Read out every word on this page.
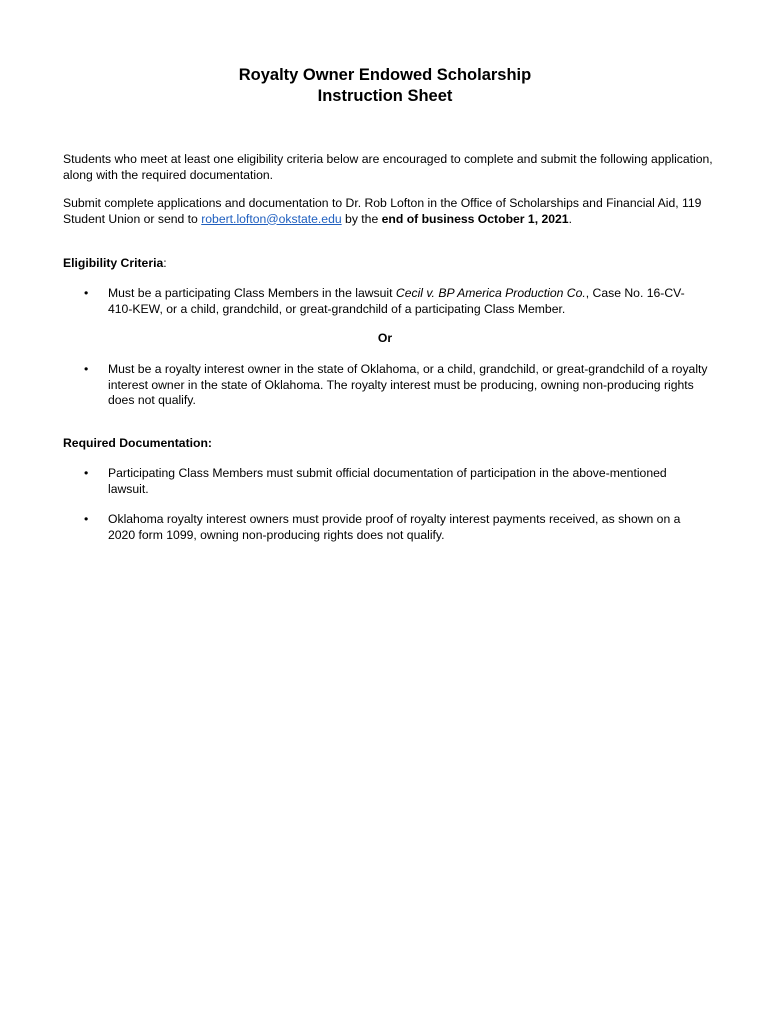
Royalty Owner Endowed Scholarship
Instruction Sheet
Students who meet at least one eligibility criteria below are encouraged to complete and submit the following application, along with the required documentation.
Submit complete applications and documentation to Dr. Rob Lofton in the Office of Scholarships and Financial Aid, 119 Student Union or send to robert.lofton@okstate.edu by the end of business October 1, 2021.
Eligibility Criteria:
•	Must be a participating Class Members in the lawsuit Cecil v. BP America Production Co., Case No. 16-CV-410-KEW, or a child, grandchild, or great-grandchild of a participating Class Member.
Or
•	Must be a royalty interest owner in the state of Oklahoma, or a child, grandchild, or great-grandchild of a royalty interest owner in the state of Oklahoma. The royalty interest must be producing, owning non-producing rights does not qualify.
Required Documentation:
•	Participating Class Members must submit official documentation of participation in the above-mentioned lawsuit.
•	Oklahoma royalty interest owners must provide proof of royalty interest payments received, as shown on a 2020 form 1099, owning non-producing rights does not qualify.
